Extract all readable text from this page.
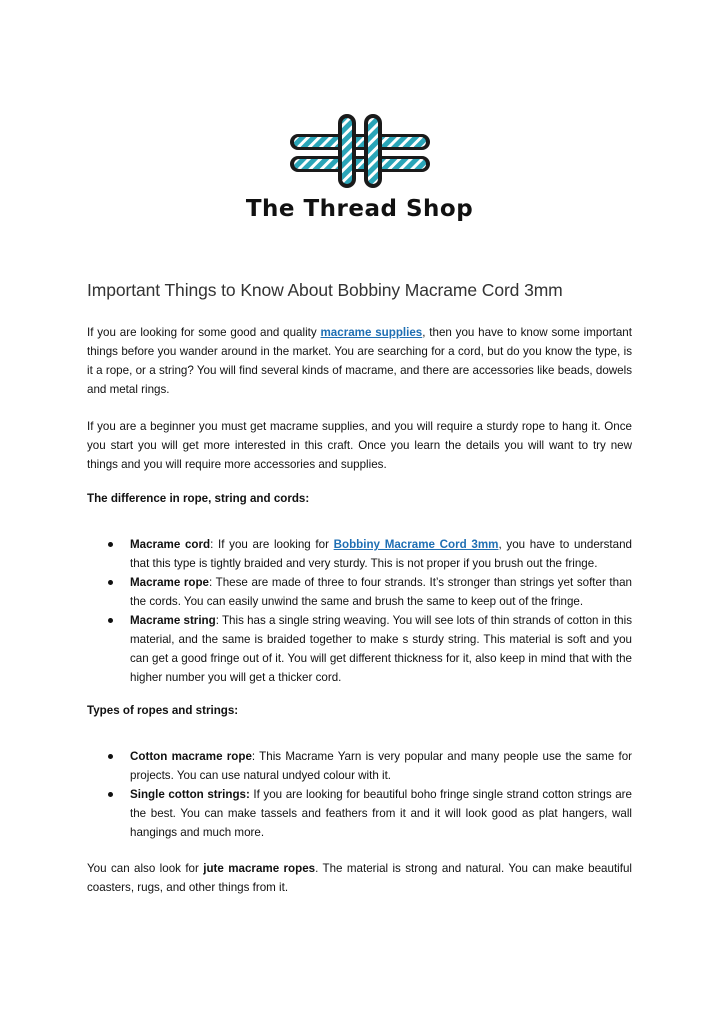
The Thread Shop
Important Things to Know About Bobbiny Macrame Cord 3mm

If you are looking for some good and quality macrame supplies, then you have to know some important things before you wander around in the market. You are searching for a cord, but do you know the type, is it a rope, or a string? You will find several kinds of macrame, and there are accessories like beads, dowels and metal rings.

If you are a beginner you must get macrame supplies, and you will require a sturdy rope to hang it. Once you start you will get more interested in this craft. Once you learn the details you will want to try new things and you will require more accessories and supplies.

The difference in rope, string and cords:
Macrame cord: If you are looking for Bobbiny Macrame Cord 3mm, you have to understand that this type is tightly braided and very sturdy. This is not proper if you brush out the fringe.
Macrame rope: These are made of three to four strands. It’s stronger than strings yet softer than the cords. You can easily unwind the same and brush the same to keep out of the fringe.
Macrame string: This has a single string weaving. You will see lots of thin strands of cotton in this material, and the same is braided together to make s sturdy string. This material is soft and you can get a good fringe out of it. You will get different thickness for it, also keep in mind that with the higher number you will get a thicker cord.
Types of ropes and strings:
Cotton macrame rope: This Macrame Yarn is very popular and many people use the same for projects. You can use natural undyed colour with it.
Single cotton strings: If you are looking for beautiful boho fringe single strand cotton strings are the best. You can make tassels and feathers from it and it will look good as plat hangers, wall hangings and much more.

You can also look for jute macrame ropes. The material is strong and natural. You can make beautiful coasters, rugs, and other things from it.
